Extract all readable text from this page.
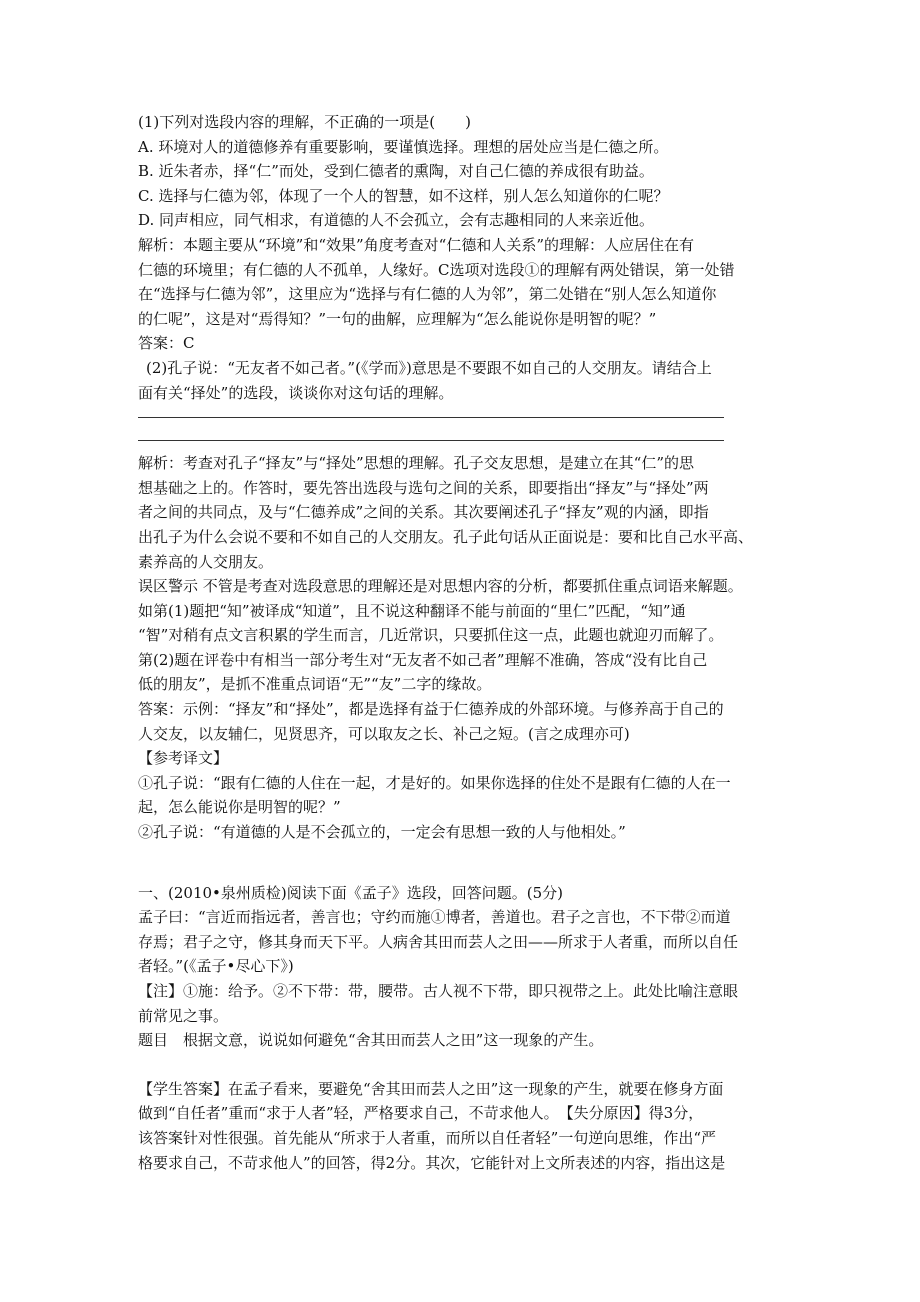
(1)下列对选段内容的理解，不正确的一项是(　　)
A. 环境对人的道德修养有重要影响，要谨慎选择。理想的居处应当是仁德之所。
B. 近朱者赤，择“仁”而处，受到仁德者的熏陶，对自己仁德的养成很有助益。
C. 选择与仁德为邻，体现了一个人的智慧，如不这样，别人怎么知道你的仁呢？
D. 同声相应，同气相求，有道德的人不会孤立，会有志趣相同的人来亲近他。
解析：本题主要从“环境”和“效果”角度考查对“仁德和人关系”的理解：人应居住在有
仁德的环境里；有仁德的人不孤单，人缘好。C选项对选段①的理解有两处错误，第一处错
在“选择与仁德为邻”，这里应为“选择与有仁德的人为邻”，第二处错在“别人怎么知道你
的仁呢”，这是对“焉得知？”一句的曲解，应理解为“怎么能说你是明智的呢？”
答案：C
(2)孔子说：“无友者不如己者。”(《学而》)意思是不要跟不如自己的人交朋友。请结合上
面有关“择处”的选段，谈谈你对这句话的理解。
解析：考查对孔子“择友”与“择处”思想的理解。孔子交友思想，是建立在其“仁”的思
想基础之上的。作答时，要先答出选段与选句之间的关系，即要指出“择友”与“择处”两
者之间的共同点，及与“仁德养成”之间的关系。其次要阐述孔子“择友”观的内涵，即指
出孔子为什么会说不要和不如自己的人交朋友。孔子此句话从正面说是：要和比自己水平高、
素养高的人交朋友。
误区警示 不管是考查对选段意思的理解还是对思想内容的分析，都要抓住重点词语来解题。
如第(1)题把“知”被译成“知道”，且不说这种翻译不能与前面的“里仁”匹配，“知”通
“智”对稍有点文言积累的学生而言，几近常识，只要抓住这一点，此题也就迎刃而解了。
第(2)题在评卷中有相当一部分考生对“无友者不如己者”理解不准确，答成“没有比自己
低的朋友”，是抓不准重点词语“无”“友”二字的缘故。
答案：示例：“择友”和“择处”，都是选择有益于仁德养成的外部环境。与修养高于自己的
人交友，以友辅仁，见贤思齐，可以取友之长、补己之短。(言之成理亦可)
【参考译文】
①孔子说：“跟有仁德的人住在一起，才是好的。如果你选择的住处不是跟有仁德的人在一
起，怎么能说你是明智的呢？”
②孔子说：“有道德的人是不会孤立的，一定会有思想一致的人与他相处。”
一、(2010•泉州质检)阅读下面《孟子》选段，回答问题。(5分)
孟子曰：“言近而指远者，善言也；守约而施①博者，善道也。君子之言也，不下带②而道
存焉；君子之守，修其身而天下平。人病舍其田而芸人之田——所求于人者重，而所以自任
者轻。”(《孟子•尽心下》)
【注】①施：给予。②不下带：带，腰带。古人视不下带，即只视带之上。此处比喻注意眼
前常见之事。
题目　根据文意，说说如何避免“舍其田而芸人之田”这一现象的产生。
【学生答案】在孟子看来，要避免“舍其田而芸人之田”这一现象的产生，就要在修身方面
做到“自任者”重而“求于人者”轻，严格要求自己，不苛求他人。　【失分原因】得3分，
该答案针对性很强。首先能从“所求于人者重，而所以自任者轻”一句逆向思维，作出“严
格要求自己，不苛求他人”的回答，得2分。其次，它能针对上文所表述的内容，指出这是
